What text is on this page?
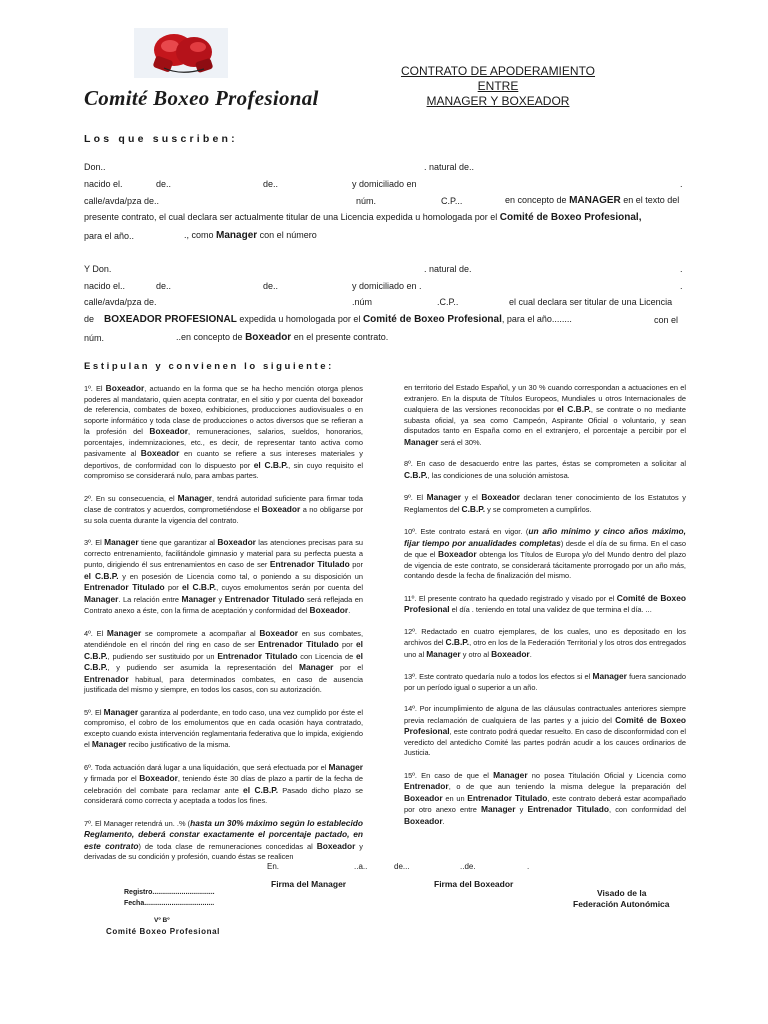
Comité Boxeo Profesional
CONTRATO DE APODERAMIENTO
ENTRE
MANAGER Y BOXEADOR
Los que suscriben:
Don..	. natural de..
nacido el.	de..	de..	y domiciliado en	.
calle/avda/pza de..	núm.	C.P...	en concepto de MANAGER en el texto del
presente contrato, el cual declara ser actualmente titular de una Licencia expedida u homologada por el Comité de Boxeo Profesional,
para el año..	., como Manager con el número
Y Don.	. natural de.	.
nacido el..	de..	de..	y domiciliado en .	.
calle/avda/pza de.	.núm	.C.P..	el cual declara ser titular de una Licencia
de BOXEADOR PROFESIONAL expedida u homologada por el Comité de Boxeo Profesional, para el año........	con el
núm.	..en concepto de Boxeador en el presente contrato.
Estipulan y convienen lo siguiente:

1º. El Boxeador, actuando en la forma que se ha hecho mención otorga plenos poderes al mandatario, quien acepta contratar, en el sitio y por cuenta del boxeador de referencia, combates de boxeo, exhibiciones, producciones audiovisuales o en soporte informático y toda clase de producciones o actos diversos que se refieran a la profesión del Boxeador, remuneraciones, salarios, sueldos, honorarios, porcentajes, indemnizaciones, etc., es decir, de representar tanto activa como pasivamente al Boxeador en cuanto se refiere a sus intereses materiales y deportivos, de conformidad con lo dispuesto por el C.B.P., sin cuyo requisito el compromiso se considerará nulo, para ambas partes.

2º. En su consecuencia, el Manager, tendrá autoridad suficiente para firmar toda clase de contratos y acuerdos, comprometiéndose el Boxeador a no obligarse por su sola cuenta durante la vigencia del contrato.

3º. El Manager tiene que garantizar al Boxeador las atenciones precisas para su correcto entrenamiento, facilitándole gimnasio y material para su perfecta puesta a punto, dirigiendo él sus entrenamientos en caso de ser Entrenador Titulado por el C.B.P. y en posesión de Licencia como tal, o poniendo a su disposición un Entrenador Titulado por el C.B.P., cuyos emolumentos serán por cuenta del Manager. La relación entre Manager y Entrenador Titulado será reflejada en Contrato anexo a éste, con la firma de aceptación y conformidad del Boxeador.

4º. El Manager se compromete a acompañar al Boxeador en sus combates, atendiéndole en el rincón del ring en caso de ser Entrenador Titulado por el C.B.P., pudiendo ser sustituido por un Entrenador Titulado con Licencia de el C.B.P., y pudiendo ser asumida la representación del Manager por el Entrenador habitual, para determinados combates, en caso de ausencia justificada del mismo y siempre, en todos los casos, con su autorización.

5º. El Manager garantiza al poderdante, en todo caso, una vez cumplido por éste el compromiso, el cobro de los emolumentos que en cada ocasión haya contratado, excepto cuando exista intervención reglamentaria federativa que lo impida, exigiendo el Manager recibo justificativo de la misma.

6º. Toda actuación dará lugar a una liquidación, que será efectuada por el Manager y firmada por el Boxeador, teniendo éste 30 días de plazo a partir de la fecha de celebración del combate para reclamar ante el C.B.P. Pasado dicho plazo se considerará como correcta y aceptada a todos los fines.

7º. El Manager retendrá un. .% (hasta un 30% máximo según lo establecido Reglamento, deberá constar exactamente el porcentaje pactado, en este contrato) de toda clase de remuneraciones concedidas al Boxeador y derivadas de su condición y profesión, cuando éstas se realicen

en territorio del Estado Español, y un 30 % cuando correspondan a actuaciones en el extranjero. En la disputa de Títulos Europeos, Mundiales u otros Internacionales de cualquiera de las versiones reconocidas por el C.B.P., se contrate o no mediante subasta oficial, ya sea como Campeón, Aspirante Oficial o voluntario, y sean disputados tanto en España como en el extranjero, el porcentaje a percibir por el Manager será el 30%.

8º. En caso de desacuerdo entre las partes, éstas se comprometen a solicitar al C.B.P., las condiciones de una solución amistosa.

9º. El Manager y el Boxeador declaran tener conocimiento de los Estatutos y Reglamentos del C.B.P. y se comprometen a cumplirlos.

10º. Este contrato estará en vigor. (un año mínimo y cinco años máximo, fijar tiempo por anualidades completas) desde el día de su firma. En el caso de que el Boxeador obtenga los Títulos de Europa y/o del Mundo dentro del plazo de vigencia de este contrato, se considerará tácitamente prorrogado por un año más, contando desde la fecha de finalización del mismo.

11º. El presente contrato ha quedado registrado y visado por el Comité de Boxeo Profesional el día . teniendo en total una validez de que termina el día. ...

12º. Redactado en cuatro ejemplares, de los cuales, uno es depositado en los archivos del C.B.P., otro en los de la Federación Territorial y los otros dos entregados uno al Manager y otro al Boxeador.

13º. Este contrato quedaría nulo a todos los efectos si el Manager fuera sancionado por un período igual o superior a un año.

14º. Por incumplimiento de alguna de las cláusulas contractuales anteriores siempre previa reclamación de cualquiera de las partes y a juicio del Comité de Boxeo Profesional, este contrato podrá quedar resuelto. En caso de disconformidad con el veredicto del antedicho Comité las partes podrán acudir a los cauces ordinarios de Justicia.

15º. En caso de que el Manager no posea Titulación Oficial y Licencia como Entrenador, o de que aun teniendo la misma delegue la preparación del Boxeador en un Entrenador Titulado, este contrato deberá estar acompañado por otro anexo entre Manager y Entrenador Titulado, con conformidad del Boxeador.

En.	..a..	de...	..de.	.
Firma del Manager	Firma del Boxeador
Visado de la
Federación Autonómica
Registro................................
Fecha....................................
Vº Bº
Comité Boxeo Profesional
